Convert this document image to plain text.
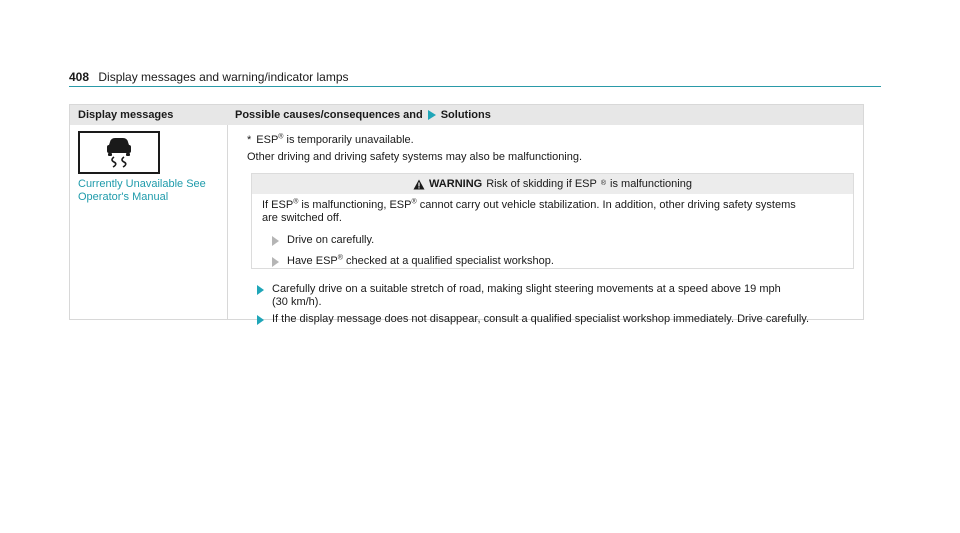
408 Display messages and warning/indicator lamps
Display messages	Possible causes/consequences and Solutions
Currently Unavailable See Operator's Manual
* ESP® is temporarily unavailable.
Other driving and driving safety systems may also be malfunctioning.
WARNING Risk of skidding if ESP ® is malfunctioning
If ESP® is malfunctioning, ESP® cannot carry out vehicle stabilization. In addition, other driving safety systems
are switched off.
Drive on carefully.
Have ESP® checked at a qualified specialist workshop.
Carefully drive on a suitable stretch of road, making slight steering movements at a speed above 19 mph
(30 km/h).
If the display message does not disappear, consult a qualified specialist workshop immediately. Drive carefully.
